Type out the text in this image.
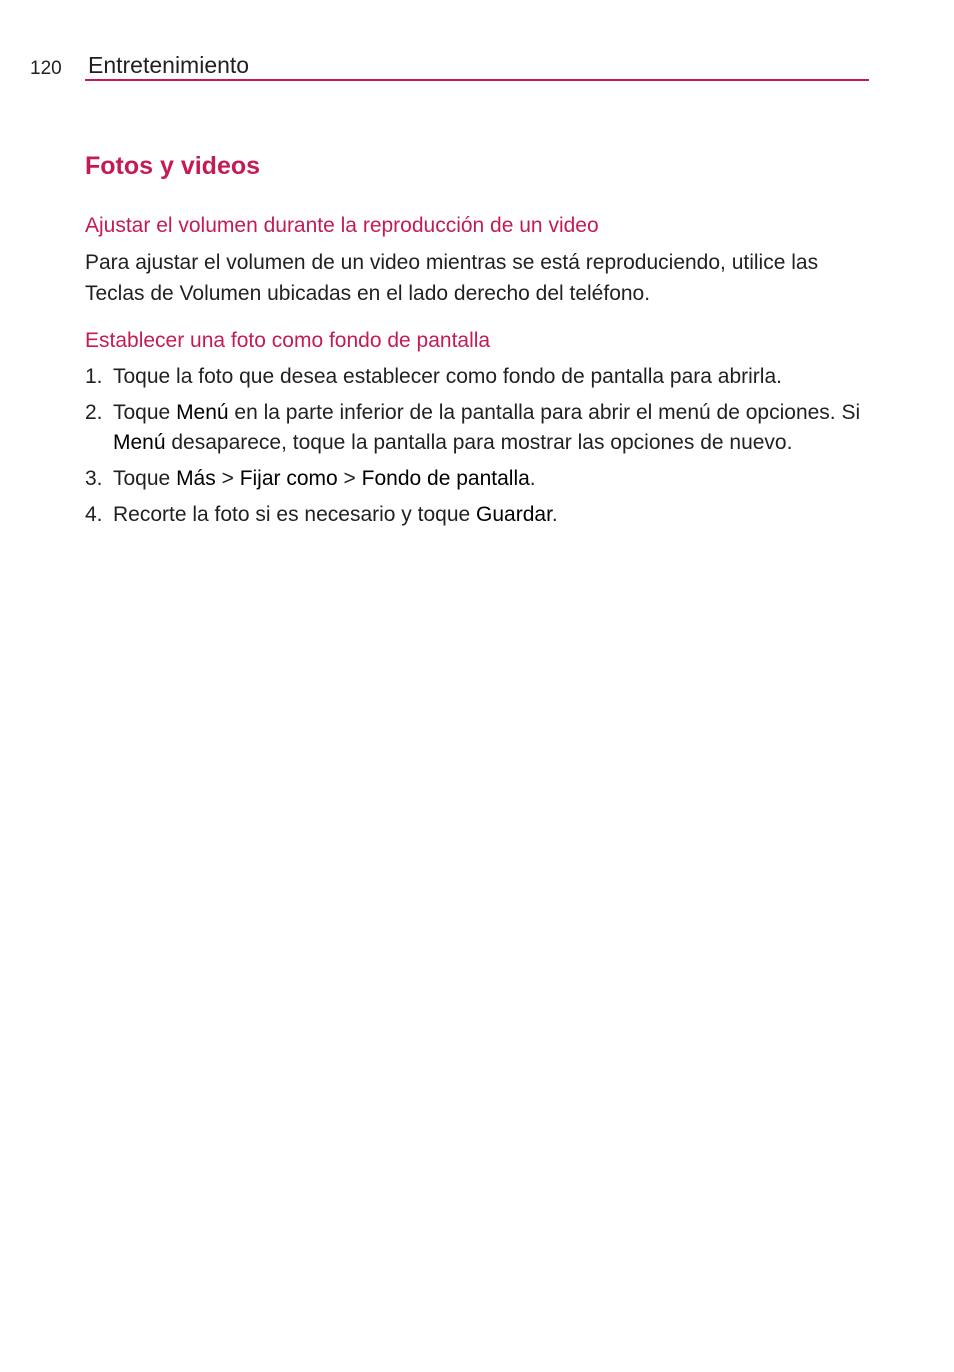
120 Entretenimiento
Fotos y videos
Ajustar el volumen durante la reproducción de un video

Para ajustar el volumen de un video mientras se está reproduciendo, utilice las Teclas de Volumen ubicadas en el lado derecho del teléfono.

Establecer una foto como fondo de pantalla
1. Toque la foto que desea establecer como fondo de pantalla para abrirla.
2. Toque Menú en la parte inferior de la pantalla para abrir el menú de opciones. Si Menú desaparece, toque la pantalla para mostrar las opciones de nuevo.
3. Toque Más > Fijar como > Fondo de pantalla.
4. Recorte la foto si es necesario y toque Guardar.
